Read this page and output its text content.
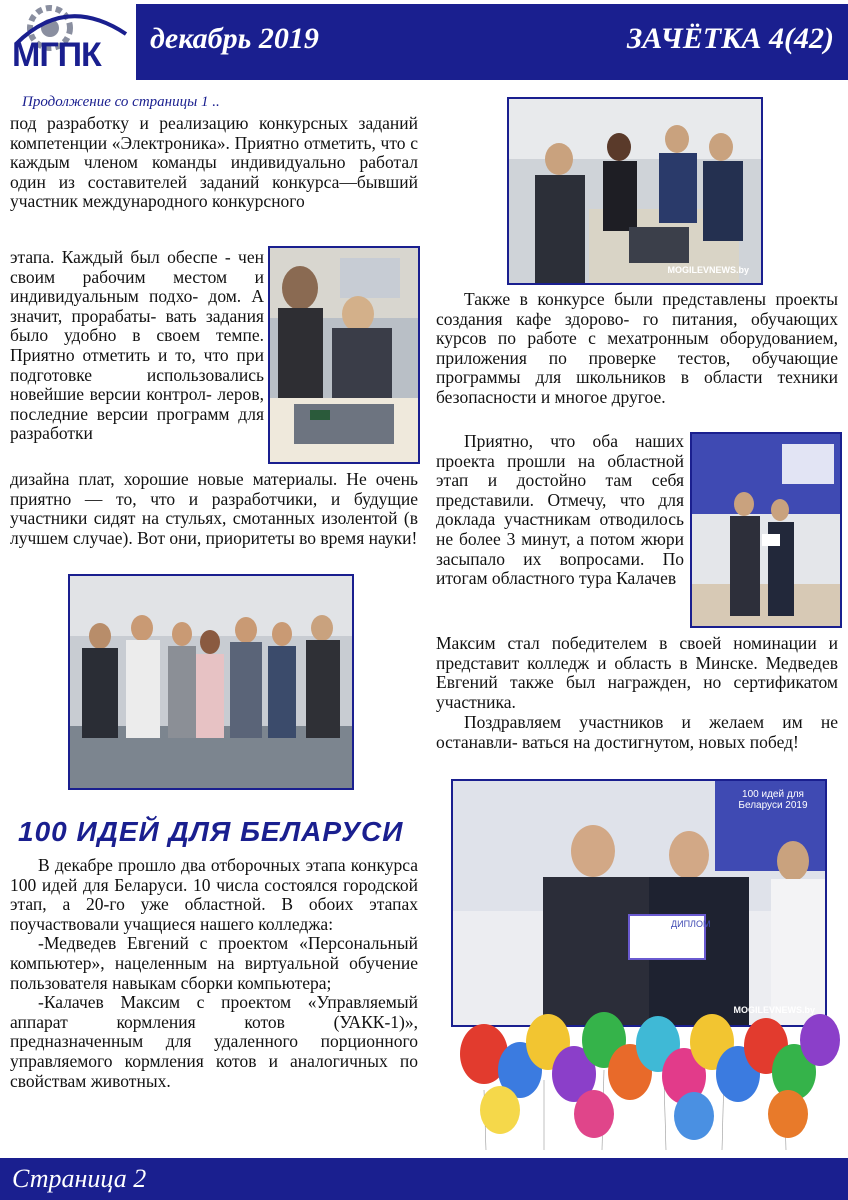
МГПК декабрь 2019	ЗАЧЁТКА 4(42)
Продолжение со страницы 1 ..
под разработку и реализацию конкурсных заданий компетенции «Электроника». Приятно отметить, что с каждым членом команды индивидуально работал один из составителей заданий конкурса—бывший участник международного конкурсного
этапа. Каждый был обеспе - чен своим рабочим местом и индивидуальным подхо- дом. А значит, прорабаты- вать задания было удобно в своем темпе. Приятно отметить и то, что при подготовке использовались новейшие версии контрол- леров, последние версии программ для разработки
дизайна плат, хорошие новые материалы. Не очень приятно — то, что и разработчики, и будущие участники сидят на стульях, смотанных изолентой (в лучшем случае). Вот они, приоритеты во время науки!
MOGILEVNEWS.by
Также в конкурсе были представлены проекты создания кафе здорово- го питания, обучающих курсов по работе с мехатронным оборудованием, приложения по проверке тестов, обучающие программы для школьников в области техники безопасности и многое другое.
Приятно, что оба наших проекта прошли на областной этап и достойно там себя представили. Отмечу, что для доклада участникам отводилось не более 3 минут, а потом жюри засыпало их вопросами. По итогам областного тура Калачев
Максим стал победителем в своей номинации и представит колледж и область в Минске. Медведев Евгений также был награжден, но сертификатом участника.
Поздравляем участников и желаем им не останавли- ваться на достигнутом, новых побед!
ДИПЛОМ
100 идей для Беларуси 2019
MOGILEVNEWS.by
100 ИДЕЙ ДЛЯ БЕЛАРУСИ

В декабре прошло два отборочных этапа конкурса 100 идей для Беларуси. 10 числа состоялся городской этап, а 20-го уже областной. В обоих этапах поучаствовали учащиеся нашего колледжа:

-Медведев Евгений с проектом «Персональный компьютер», нацеленным на виртуальной обучение пользователя навыкам сборки компьютера;

-Калачев Максим с проектом «Управляемый аппарат кормления котов (УАКК-1)», предназначенным для удаленного порционного управляемого кормления котов и аналогичных по свойствам животных.

Страница 2
